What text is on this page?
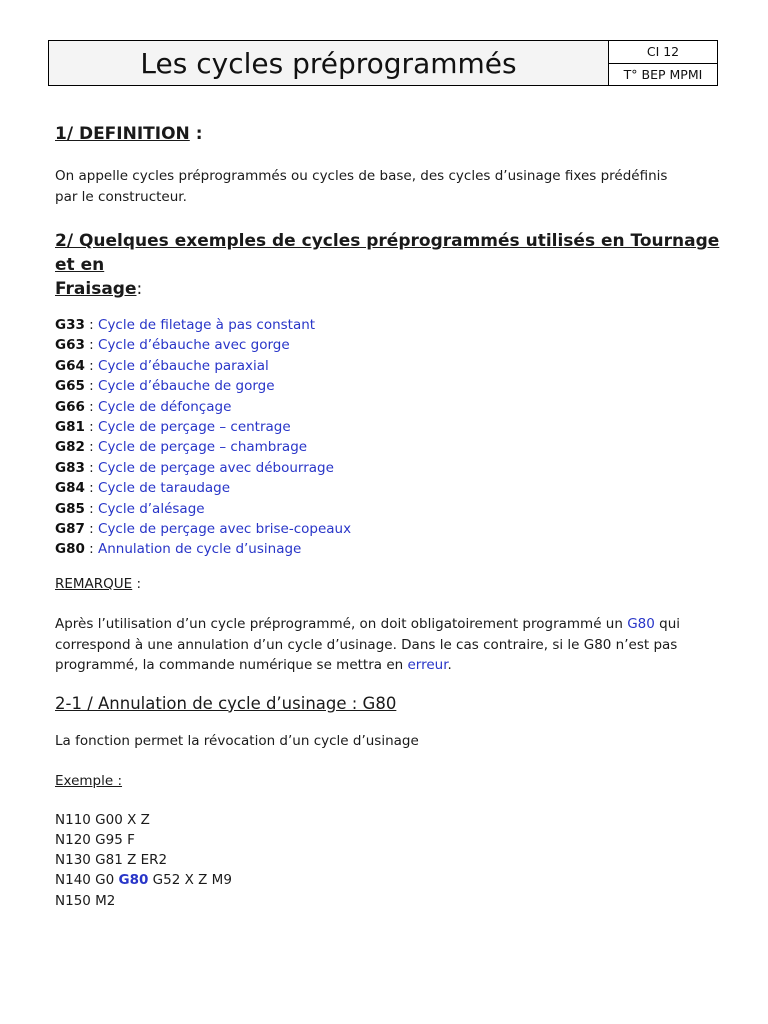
Les cycles préprogrammés	CI 12
T° BEP MPMI

1/ DEFINITION :

On appelle cycles préprogrammés ou cycles de base, des cycles d’usinage fixes prédéfinis

par le constructeur.

2/ Quelques exemples de cycles préprogrammés utilisés en Tournage et en
Fraisage:

G33 : Cycle de filetage à pas constant
G63 : Cycle d’ébauche avec gorge
G64 : Cycle d’ébauche paraxial
G65 : Cycle d’ébauche de gorge
G66 : Cycle de défonçage
G81 : Cycle de perçage – centrage
G82 : Cycle de perçage – chambrage
G83 : Cycle de perçage avec débourrage
G84 : Cycle de taraudage
G85 : Cycle d’alésage
G87 : Cycle de perçage avec brise-copeaux
G80 : Annulation de cycle d’usinage

REMARQUE :

Après l’utilisation d’un cycle préprogrammé, on doit obligatoirement programmé un G80 qui

correspond à une annulation d’un cycle d’usinage. Dans le cas contraire, si le G80 n’est pas

programmé, la commande numérique se mettra en erreur.

2-1 / Annulation de cycle d’usinage : G80

La fonction permet la révocation d’un cycle d’usinage

Exemple :

N110 G00 X Z
N120 G95 F
N130 G81 Z ER2
N140 G0 G80 G52 X Z M9
N150 M2
